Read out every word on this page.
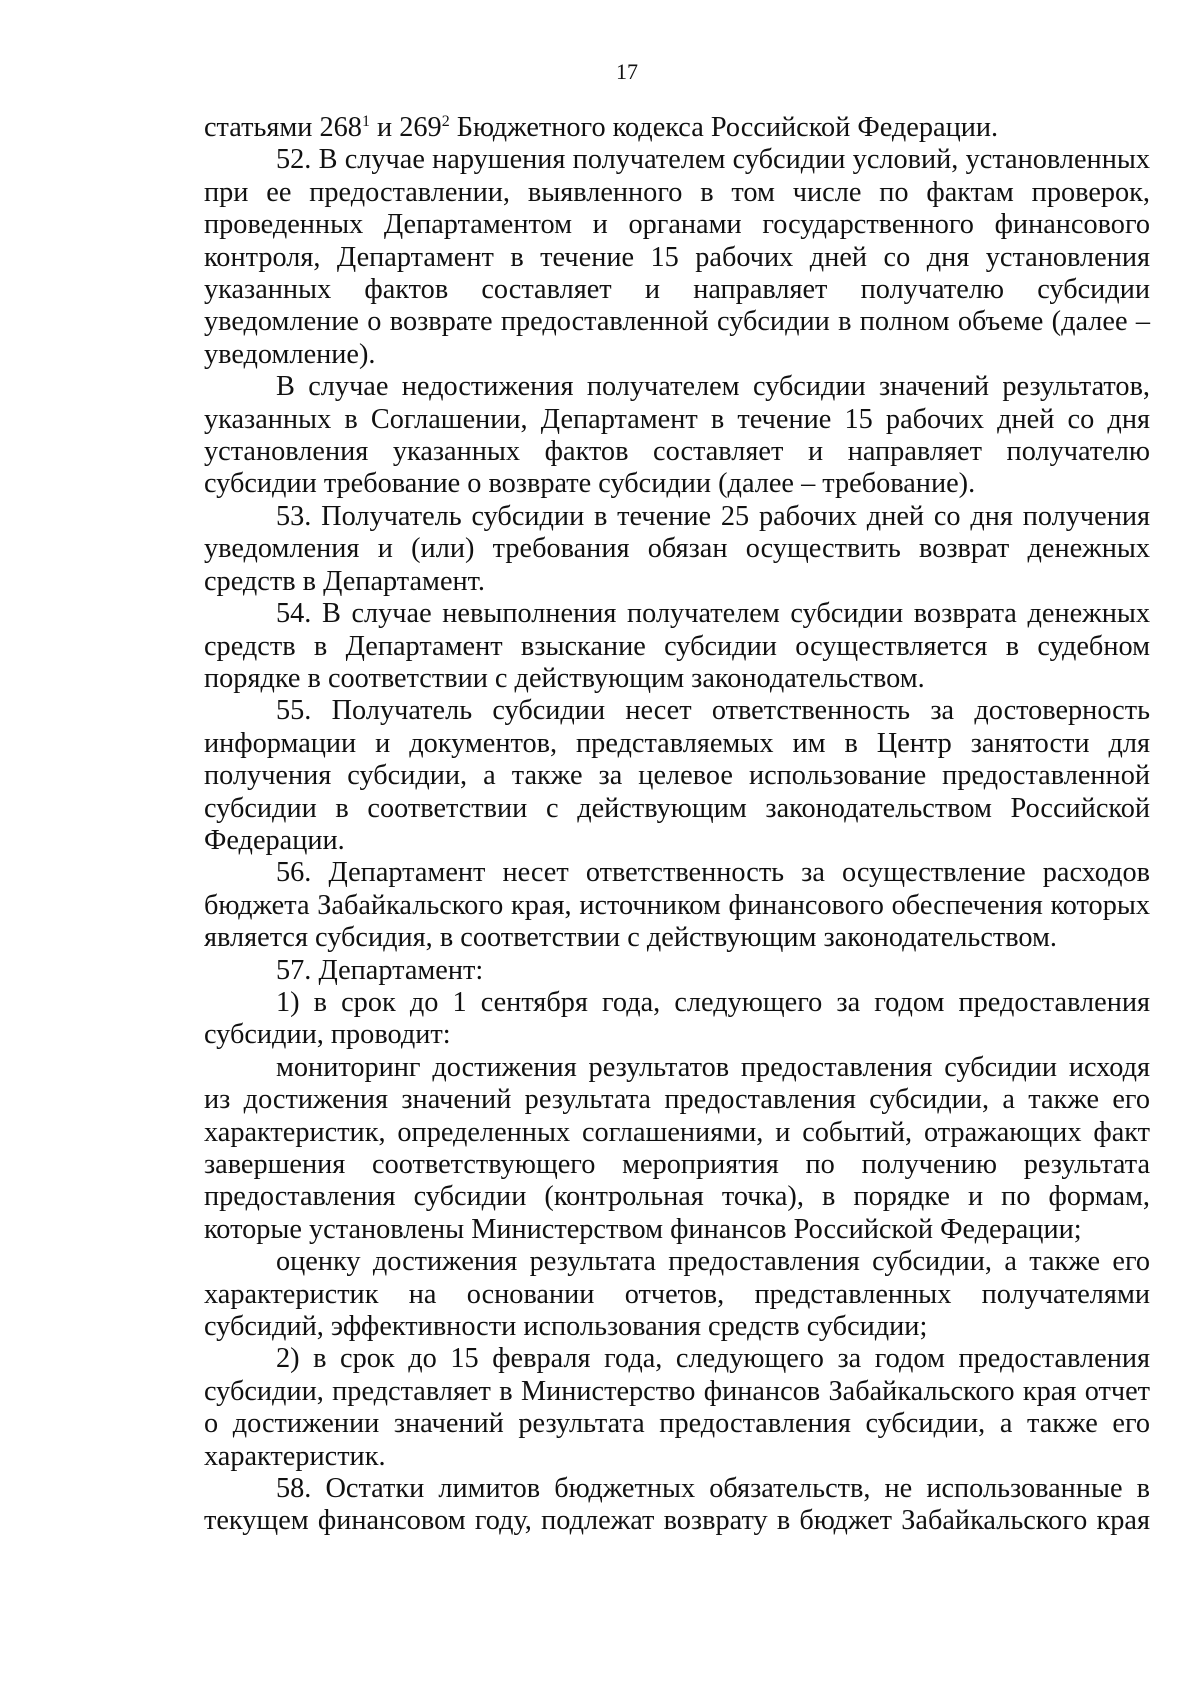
17

статьями $268^1$ и $269^2$ Бюджетного кодекса Российской Федерации.

52. В случае нарушения получателем субсидии условий, установленных при ее предоставлении, выявленного в том числе по фактам проверок, проведенных Департаментом и органами государственного финансового контроля, Департамент в течение 15 рабочих дней со дня установления указанных фактов составляет и направляет получателю субсидии уведомление о возврате предоставленной субсидии в полном объеме (далее – уведомление).

В случае недостижения получателем субсидии значений результатов, указанных в Соглашении, Департамент в течение 15 рабочих дней со дня установления указанных фактов составляет и направляет получателю субсидии требование о возврате субсидии (далее – требование).

53. Получатель субсидии в течение 25 рабочих дней со дня получения уведомления и (или) требования обязан осуществить возврат денежных средств в Департамент.

54. В случае невыполнения получателем субсидии возврата денежных средств в Департамент взыскание субсидии осуществляется в судебном порядке в соответствии с действующим законодательством.

55. Получатель субсидии несет ответственность за достоверность информации и документов, представляемых им в Центр занятости для получения субсидии, а также за целевое использование предоставленной субсидии в соответствии с действующим законодательством Российской Федерации.

56. Департамент несет ответственность за осуществление расходов бюджета Забайкальского края, источником финансового обеспечения которых является субсидия, в соответствии с действующим законодательством.

57. Департамент:

1) в срок до 1 сентября года, следующего за годом предоставления субсидии, проводит:

мониторинг достижения результатов предоставления субсидии исходя из достижения значений результата предоставления субсидии, а также его характеристик, определенных соглашениями, и событий, отражающих факт завершения соответствующего мероприятия по получению результата предоставления субсидии (контрольная точка), в порядке и по формам, которые установлены Министерством финансов Российской Федерации;

оценку достижения результата предоставления субсидии, а также его характеристик на основании отчетов, представленных получателями субсидий, эффективности использования средств субсидии;

2) в срок до 15 февраля года, следующего за годом предоставления субсидии, представляет в Министерство финансов Забайкальского края отчет о достижении значений результата предоставления субсидии, а также его характеристик.

58. Остатки лимитов бюджетных обязательств, не использованные в текущем финансовом году, подлежат возврату в бюджет Забайкальского края
